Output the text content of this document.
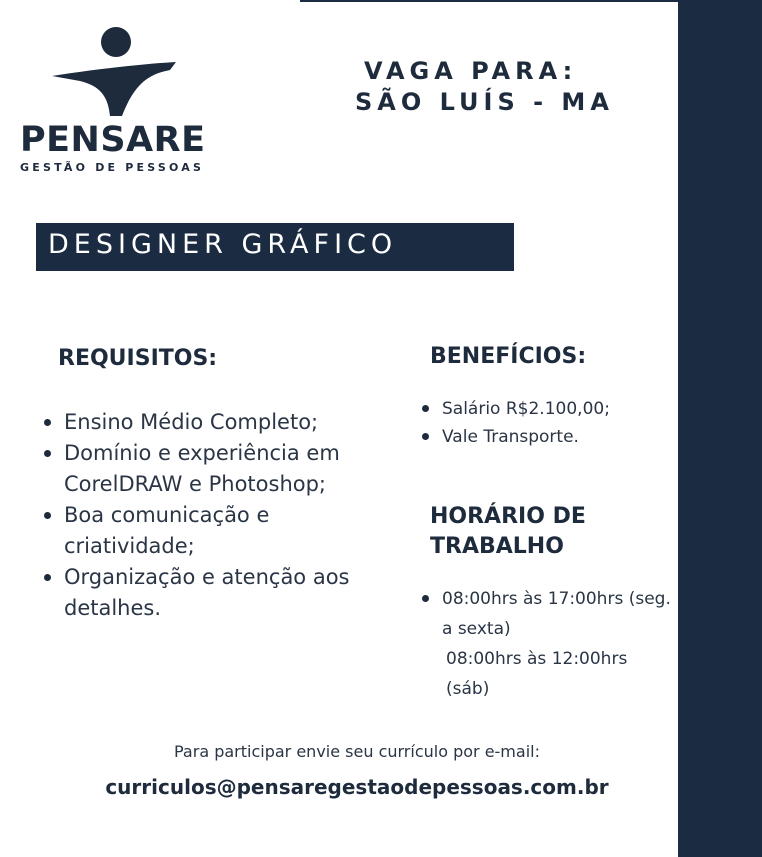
PENSARE
GESTÃO DE PESSOAS
VAGA PARA:
SÃO LUÍS - MA
DESIGNER GRÁFICO
REQUISITOS:
Ensino Médio Completo;
Domínio e experiência em CorelDRAW e Photoshop;
Boa comunicação e criatividade;
Organização e atenção aos detalhes.
BENEFÍCIOS:
Salário R$2.100,00;
Vale Transporte.
HORÁRIO DE TRABALHO
08:00hrs às 17:00hrs (seg. a sexta)
08:00hrs às 12:00hrs
(sáb)
Para participar envie seu currículo por e-mail:
curriculos@pensaregestaodepessoas.com.br
